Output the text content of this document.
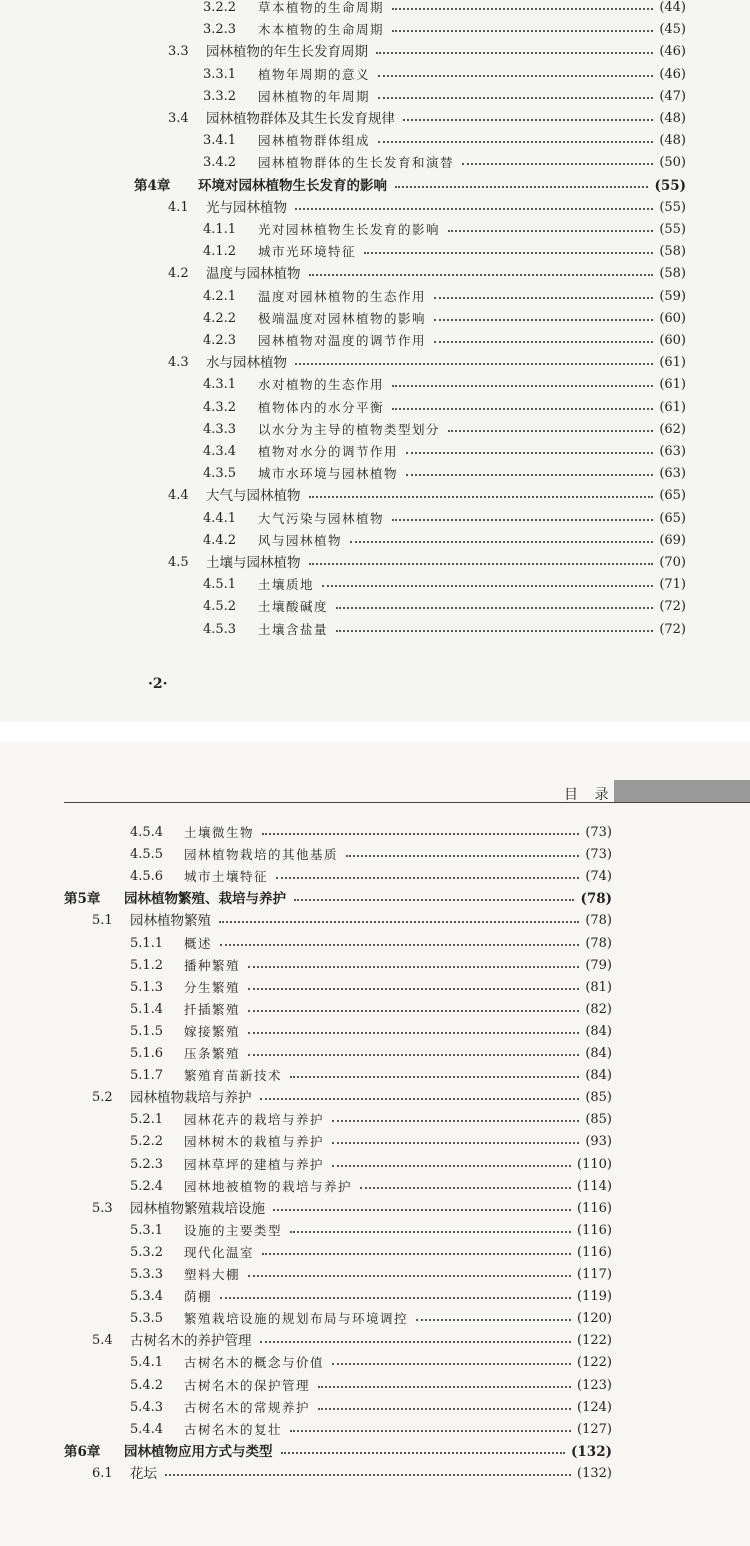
3.2.2 草本植物的生命周期	(44)
3.2.3 木本植物的生命周期	(45)
3.3 园林植物的年生长发育周期	(46)
3.3.1 植物年周期的意义	(46)
3.3.2 园林植物的年周期	(47)
3.4 园林植物群体及其生长发育规律	(48)
3.4.1 园林植物群体组成	(48)
3.4.2 园林植物群体的生长发育和演替	(50)
第4章 环境对园林植物生长发育的影响	(55)
4.1 光与园林植物	(55)
4.1.1 光对园林植物生长发育的影响	(55)
4.1.2 城市光环境特征	(58)
4.2 温度与园林植物	(58)
4.2.1 温度对园林植物的生态作用	(59)
4.2.2 极端温度对园林植物的影响	(60)
4.2.3 园林植物对温度的调节作用	(60)
4.3 水与园林植物	(61)
4.3.1 水对植物的生态作用	(61)
4.3.2 植物体内的水分平衡	(61)
4.3.3 以水分为主导的植物类型划分	(62)
4.3.4 植物对水分的调节作用	(63)
4.3.5 城市水环境与园林植物	(63)
4.4 大气与园林植物	(65)
4.4.1 大气污染与园林植物	(65)
4.4.2 风与园林植物	(69)
4.5 土壤与园林植物	(70)
4.5.1 土壤质地	(71)
4.5.2 土壤酸碱度	(72)
4.5.3 土壤含盐量	(72)
·2·
目 录
4.5.4 土壤微生物	(73)
4.5.5 园林植物栽培的其他基质	(73)
4.5.6 城市土壤特征	(74)
第5章 园林植物繁殖、栽培与养护	(78)
5.1 园林植物繁殖	(78)
5.1.1 概述	(78)
5.1.2 播种繁殖	(79)
5.1.3 分生繁殖	(81)
5.1.4 扦插繁殖	(82)
5.1.5 嫁接繁殖	(84)
5.1.6 压条繁殖	(84)
5.1.7 繁殖育苗新技术	(84)
5.2 园林植物栽培与养护	(85)
5.2.1 园林花卉的栽培与养护	(85)
5.2.2 园林树木的栽植与养护	(93)
5.2.3 园林草坪的建植与养护	(110)
5.2.4 园林地被植物的栽培与养护	(114)
5.3 园林植物繁殖栽培设施	(116)
5.3.1 设施的主要类型	(116)
5.3.2 现代化温室	(116)
5.3.3 塑料大棚	(117)
5.3.4 荫棚	(119)
5.3.5 繁殖栽培设施的规划布局与环境调控	(120)
5.4 古树名木的养护管理	(122)
5.4.1 古树名木的概念与价值	(122)
5.4.2 古树名木的保护管理	(123)
5.4.3 古树名木的常规养护	(124)
5.4.4 古树名木的复壮	(127)
第6章 园林植物应用方式与类型	(132)
6.1 花坛	(132)
